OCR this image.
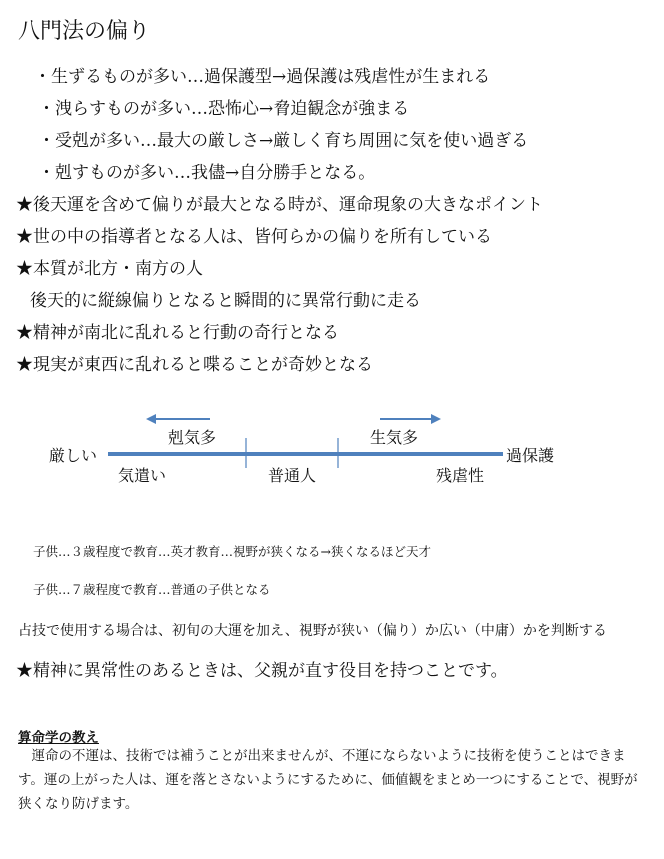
八門法の偏り
・生ずるものが多い…過保護型→過保護は残虐性が生まれる
・洩らすものが多い…恐怖心→脅迫観念が強まる
・受剋が多い…最大の厳しさ→厳しく育ち周囲に気を使い過ぎる
・剋すものが多い…我儘→自分勝手となる。
★後天運を含めて偏りが最大となる時が、運命現象の大きなポイント
★世の中の指導者となる人は、皆何らかの偏りを所有している
★本質が北方・南方の人
後天的に縦線偏りとなると瞬間的に異常行動に走る
★精神が南北に乱れると行動の奇行となる
★現実が東西に乱れると喋ることが奇妙となる
厳しい	過保護
剋気多	生気多
気遣い	普通人	残虐性
子供…３歳程度で教育…英才教育…視野が狭くなる→狭くなるほど天才
子供…７歳程度で教育…普通の子供となる
占技で使用する場合は、初旬の大運を加え、視野が狭い（偏り）か広い（中庸）かを判断する
★精神に異常性のあるときは、父親が直す役目を持つことです。
算命学の教え
運命の不運は、技術では補うことが出来ませんが、不運にならないように技術を使うことはできます。運の上がった人は、運を落とさないようにするために、価値観をまとめ一つにすることで、視野が狭くなり防げます。
